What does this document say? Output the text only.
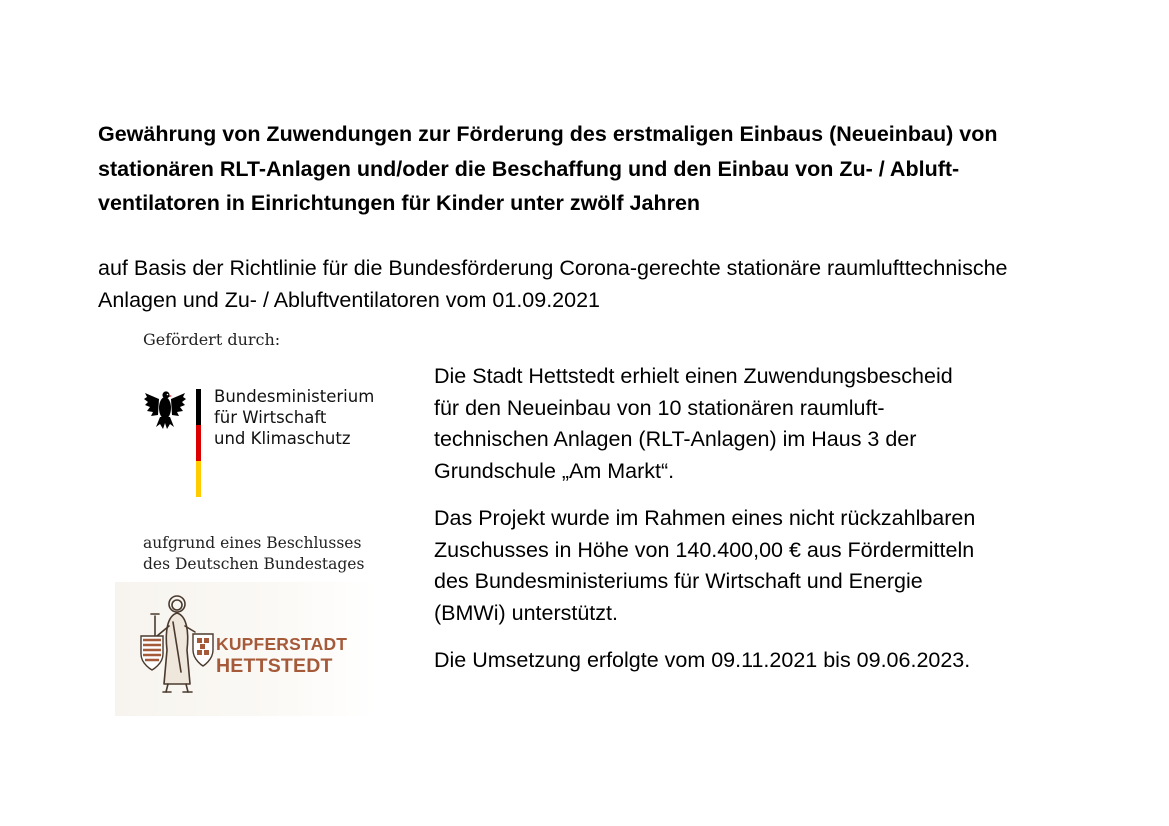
Gewährung von Zuwendungen zur Förderung des erstmaligen Einbaus (Neueinbau) von stationären RLT-Anlagen und/oder die Beschaffung und den Einbau von Zu- / Abluft-ventilatoren in Einrichtungen für Kinder unter zwölf Jahren
auf Basis der Richtlinie für die Bundesförderung Corona-gerechte stationäre raumlufttechnische Anlagen und Zu- / Abluftventilatoren vom 01.09.2021
Gefördert durch:
Bundesministerium
für Wirtschaft
und Klimaschutz
aufgrund eines Beschlusses
des Deutschen Bundestages
KUPFERSTADT
HETTSTEDT

Die Stadt Hettstedt erhielt einen Zuwendungsbescheid
für den Neueinbau von 10 stationären raumluft-
technischen Anlagen (RLT-Anlagen) im Haus 3 der
Grundschule „Am Markt“.

Das Projekt wurde im Rahmen eines nicht rückzahlbaren
Zuschusses in Höhe von 140.400,00 € aus Fördermitteln
des Bundesministeriums für Wirtschaft und Energie
(BMWi) unterstützt.

Die Umsetzung erfolgte vom 09.11.2021 bis 09.06.2023.
